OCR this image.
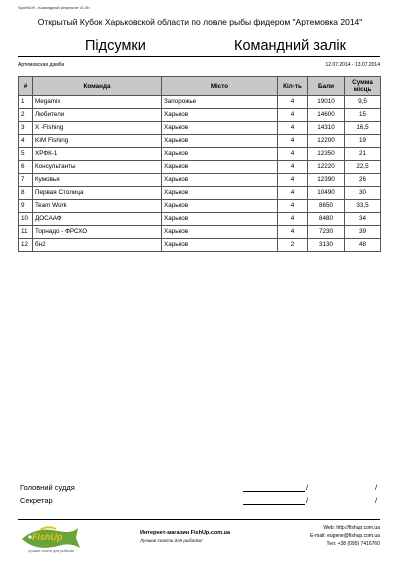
SportSoft - Командный результат v1.5b
Открытый Кубок Харьковской области по ловле рыбы фидером "Артемовка 2014"
Підсумки	Командний залік
Артемовская дамба	12.07.2014 - 13.07.2014
#	Команда	Місто	Кіл-ть	Бали	Сумма місць
1	Megamix	Запорожье	4	19010	9,5
2	Любители	Харьков	4	14600	15
3	X -Fishing	Харьков	4	14310	16,5
4	KIM Fishing	Харьков	4	12200	19
5	ХРФК-1	Харьков	4	12350	21
6	Консультанты	Харьков	4	12220	22,5
7	Кумовья	Харьков	4	12390	26
8	Первая Столица	Харьков	4	10490	30
9	Team Work	Харьков	4	8650	33,5
10	ДОСААФ	Харьков	4	8480	34
11	Торнадо - ФРСХО	Харьков	4	7230	39
12	бн2	Харьков	2	3130	48
Головний суддя	/	/
Секретар	/	/
FishUp
лучшие снасти для рыбалки
Интернет-магазин FishUp.com.ua
Лучшие снасти для рыбалки!
Web: http://fishup.com.ua
E-mail: eugene@fishup.com.ua
Тел: +38 (095) 7416760
